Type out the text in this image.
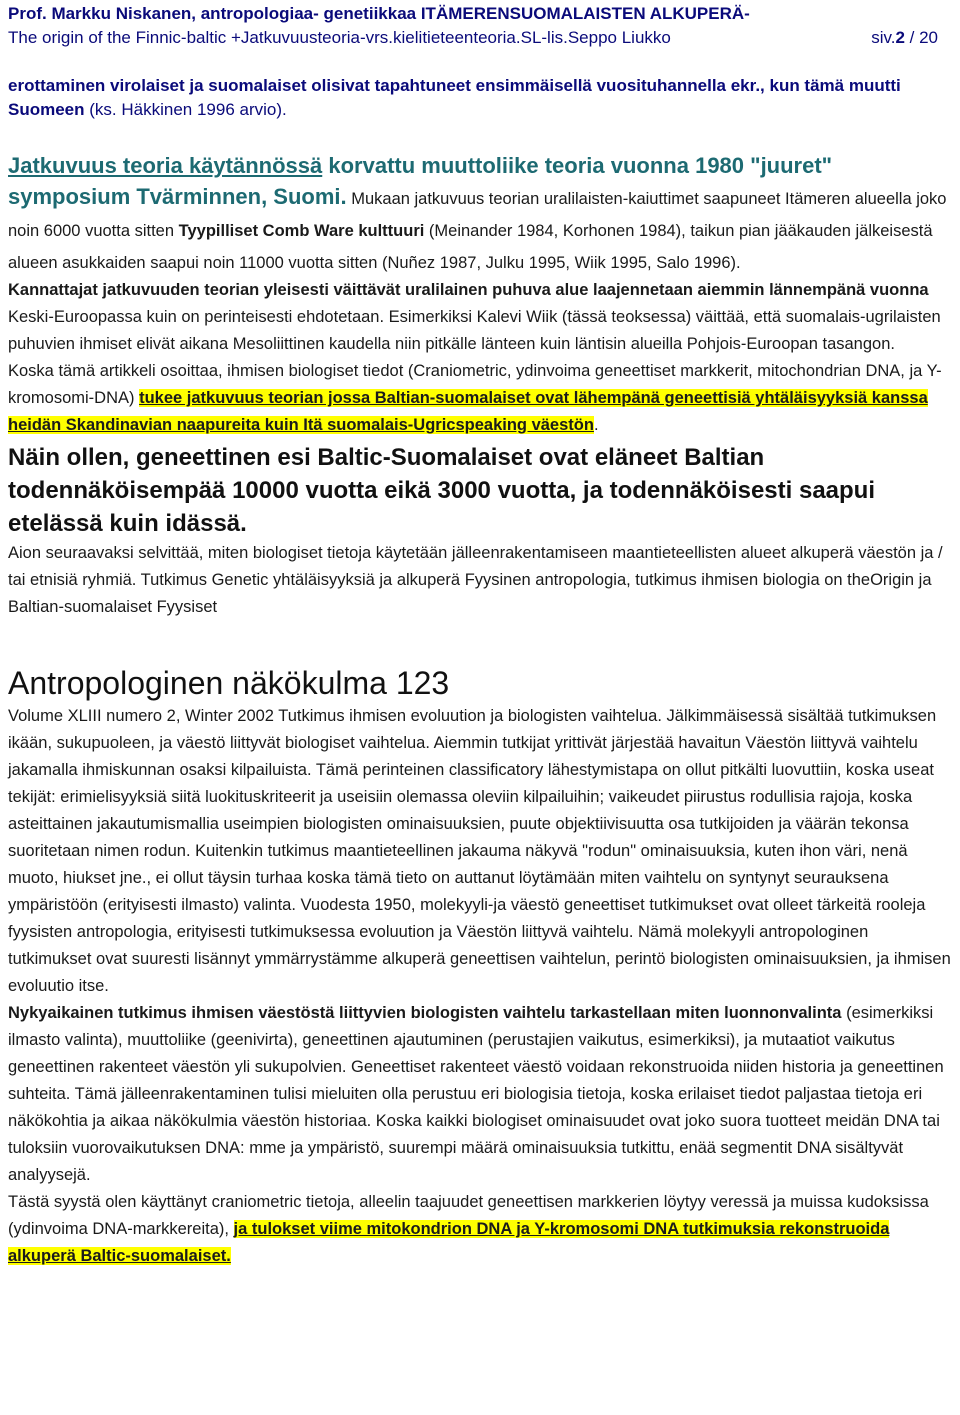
Prof. Markku Niskanen, antropologiaa- genetiikkaa ITÄMERENSUOMALAISTEN ALKUPERÄ-
The origin of the Finnic-baltic +Jatkuvuusteoria-vrs.kielitieteenteoria.SL-lis.Seppo Liukko	siv.2 / 20
erottaminen virolaiset ja suomalaiset olisivat tapahtuneet ensimmäisellä vuosituhannella ekr., kun tämä muutti Suomeen (ks. Häkkinen 1996 arvio).
Jatkuvuus teoria käytännössä korvattu muuttoliike teoria vuonna 1980 "juuret" symposium Tvärminnen, Suomi. Mukaan jatkuvuus teorian uralilaisten-kaiuttimet saapuneet Itämeren alueella joko noin 6000 vuotta sitten Tyypilliset Comb Ware kulttuuri (Meinander 1984, Korhonen 1984), taikun pian jääkauden jälkeisestä alueen asukkaiden saapui noin 11000 vuotta sitten (Nuñez 1987, Julku 1995, Wiik 1995, Salo 1996).
Kannattajat jatkuvuuden teorian yleisesti väittävät uralilainen puhuva alue laajennetaan aiemmin lännempänä vuonna Keski-Euroopassa kuin on perinteisesti ehdotetaan. Esimerkiksi Kalevi Wiik (tässä teoksessa) väittää, että suomalais-ugrilaisten puhuvien ihmiset elivät aikana Mesoliittinen kaudella niin pitkälle länteen kuin läntisin alueilla Pohjois-Euroopan tasangon.
Koska tämä artikkeli osoittaa, ihmisen biologiset tiedot (Craniometric, ydinvoima geneettiset markkerit, mitochondrian DNA, ja Y-kromosomi-DNA) tukee jatkuvuus teorian jossa Baltian-suomalaiset ovat lähempänä geneettisiä yhtäläisyyksiä kanssa heidän Skandinavian naapureita kuin Itä suomalais-Ugricspeaking väestön.
Näin ollen, geneettinen esi Baltic-Suomalaiset ovat eläneet Baltian todennäköisempää 10000 vuotta eikä 3000 vuotta, ja todennäköisesti saapui etelässä kuin idässä.
Aion seuraavaksi selvittää, miten biologiset tietoja käytetään jälleenrakentamiseen maantieteellisten alueet alkuperä väestön ja / tai etnisiä ryhmiä. Tutkimus Genetic yhtäläisyyksiä ja alkuperä Fyysinen antropologia, tutkimus ihmisen biologia on theOrigin ja Baltian-suomalaiset Fyysiset
Antropologinen näkökulma 123
Volume XLIII numero 2, Winter 2002 Tutkimus ihmisen evoluution ja biologisten vaihtelua. Jälkimmäisessä sisältää tutkimuksen ikään, sukupuoleen, ja väestö liittyvät biologiset vaihtelua. Aiemmin tutkijat yrittivät järjestää havaitun Väestön liittyvä vaihtelu jakamalla ihmiskunnan osaksi kilpailuista. Tämä perinteinen classificatory lähestymistapa on ollut pitkälti luovuttiin, koska useat tekijät: erimielisyyksiä siitä luokituskriteerit ja useisiin olemassa oleviin kilpailuihin; vaikeudet piirustus rodullisia rajoja, koska asteittainen jakautumismallia useimpien biologisten ominaisuuksien, puute objektiivisuutta osa tutkijoiden ja väärän tekonsa suoritetaan nimen rodun. Kuitenkin tutkimus maantieteellinen jakauma näkyvä "rodun" ominaisuuksia, kuten ihon väri, nenä muoto, hiukset jne., ei ollut täysin turhaa koska tämä tieto on auttanut löytämään miten vaihtelu on syntynyt seurauksena ympäristöön (erityisesti ilmasto) valinta. Vuodesta 1950, molekyyli-ja väestö geneettiset tutkimukset ovat olleet tärkeitä rooleja fyysisten antropologia, erityisesti tutkimuksessa evoluution ja Väestön liittyvä vaihtelu. Nämä molekyyli antropologinen tutkimukset ovat suuresti lisännyt ymmärrystämme alkuperä geneettisen vaihtelun, perintö biologisten ominaisuuksien, ja ihmisen evoluutio itse.
Nykyaikainen tutkimus ihmisen väestöstä liittyvien biologisten vaihtelu tarkastellaan miten luonnonvalinta (esimerkiksi ilmasto valinta), muuttoliike (geenivirta), geneettinen ajautuminen (perustajien vaikutus, esimerkiksi), ja mutaatiot vaikutus geneettinen rakenteet väestön yli sukupolvien. Geneettiset rakenteet väestö voidaan rekonstruoida niiden historia ja geneettinen suhteita. Tämä jälleenrakentaminen tulisi mieluiten olla perustuu eri biologisia tietoja, koska erilaiset tiedot paljastaa tietoja eri näkökohtia ja aikaa näkökulmia väestön historiaa. Koska kaikki biologiset ominaisuudet ovat joko suora tuotteet meidän DNA tai tuloksiin vuorovaikutuksen DNA: mme ja ympäristö, suurempi määrä ominaisuuksia tutkittu, enää segmentit DNA sisältyvät analyysejä.
Tästä syystä olen käyttänyt craniometric tietoja, alleelin taajuudet geneettisen markkerien löytyy veressä ja muissa kudoksissa (ydinvoima DNA-markkereita), ja tulokset viime mitokondrion DNA ja Y-kromosomi DNA tutkimuksia rekonstruoida alkuperä Baltic-suomalaiset.
